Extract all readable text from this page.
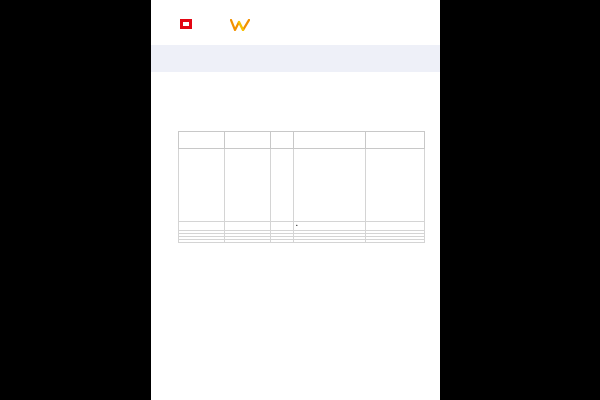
			•
